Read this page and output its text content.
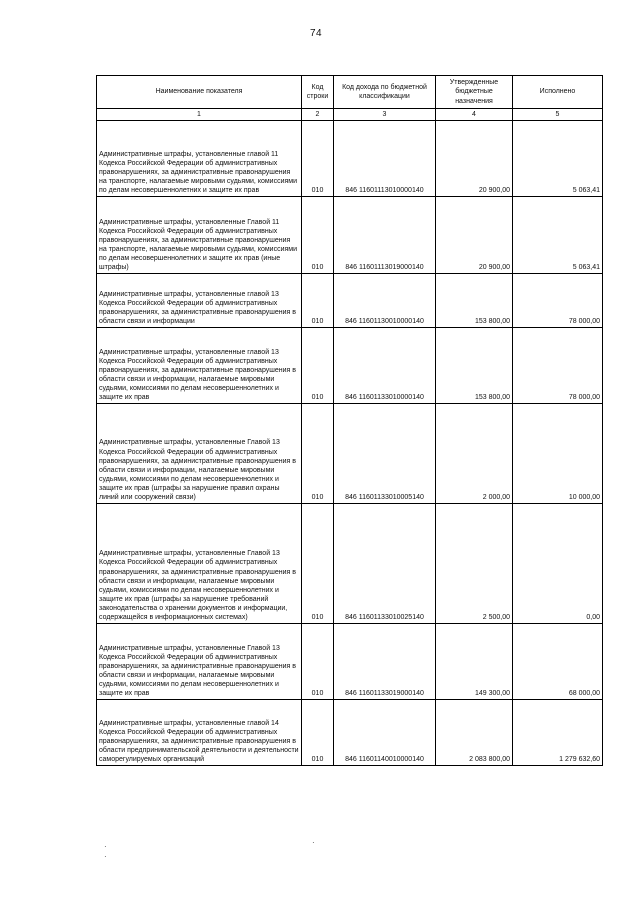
74
Наименование показателя	Код строки	Код дохода по бюджетной классификации	Утвержденные бюджетные назначения	Исполнено
1	2	3	4	5
Административные штрафы, установленные главой 11 Кодекса Российской Федерации об административных правонарушениях, за административные правонарушения на транспорте, налагаемые мировыми судьями, комиссиями по делам несовершеннолетних и защите их прав	010	846 11601113010000140	20 900,00	5 063,41
Административные штрафы, установленные Главой 11 Кодекса Российской Федерации об административных правонарушениях, за административные правонарушения на транспорте, налагаемые мировыми судьями, комиссиями по делам несовершеннолетних и защите их прав (иные штрафы)	010	846 11601113019000140	20 900,00	5 063,41
Административные штрафы, установленные главой 13 Кодекса Российской Федерации об административных правонарушениях, за административные правонарушения в области связи и информации	010	846 11601130010000140	153 800,00	78 000,00
Административные штрафы, установленные главой 13 Кодекса Российской Федерации об административных правонарушениях, за административные правонарушения в области связи и информации, налагаемые мировыми судьями, комиссиями по делам несовершеннолетних и защите их прав	010	846 11601133010000140	153 800,00	78 000,00
Административные штрафы, установленные Главой 13 Кодекса Российской Федерации об административных правонарушениях, за административные правонарушения в области связи и информации, налагаемые мировыми судьями, комиссиями по делам несовершеннолетних и защите их прав (штрафы за нарушение правил охраны линий или сооружений связи)	010	846 11601133010005140	2 000,00	10 000,00
Административные штрафы, установленные Главой 13 Кодекса Российской Федерации об административных правонарушениях, за административные правонарушения в области связи и информации, налагаемые мировыми судьями, комиссиями по делам несовершеннолетних и защите их прав (штрафы за нарушение требований законодательства о хранении документов и информации, содержащейся в информационных системах)	010	846 11601133010025140	2 500,00	0,00
Административные штрафы, установленные Главой 13 Кодекса Российской Федерации об административных правонарушениях, за административные правонарушения в области связи и информации, налагаемые мировыми судьями, комиссиями по делам несовершеннолетних и защите их прав	010	846 11601133019000140	149 300,00	68 000,00
Административные штрафы, установленные главой 14 Кодекса Российской Федерации об административных правонарушениях, за административные правонарушения в области предпринимательской деятельности и деятельности саморегулируемых организаций	010	846 11601140010000140	2 083 800,00	1 279 632,60
·
·
·
